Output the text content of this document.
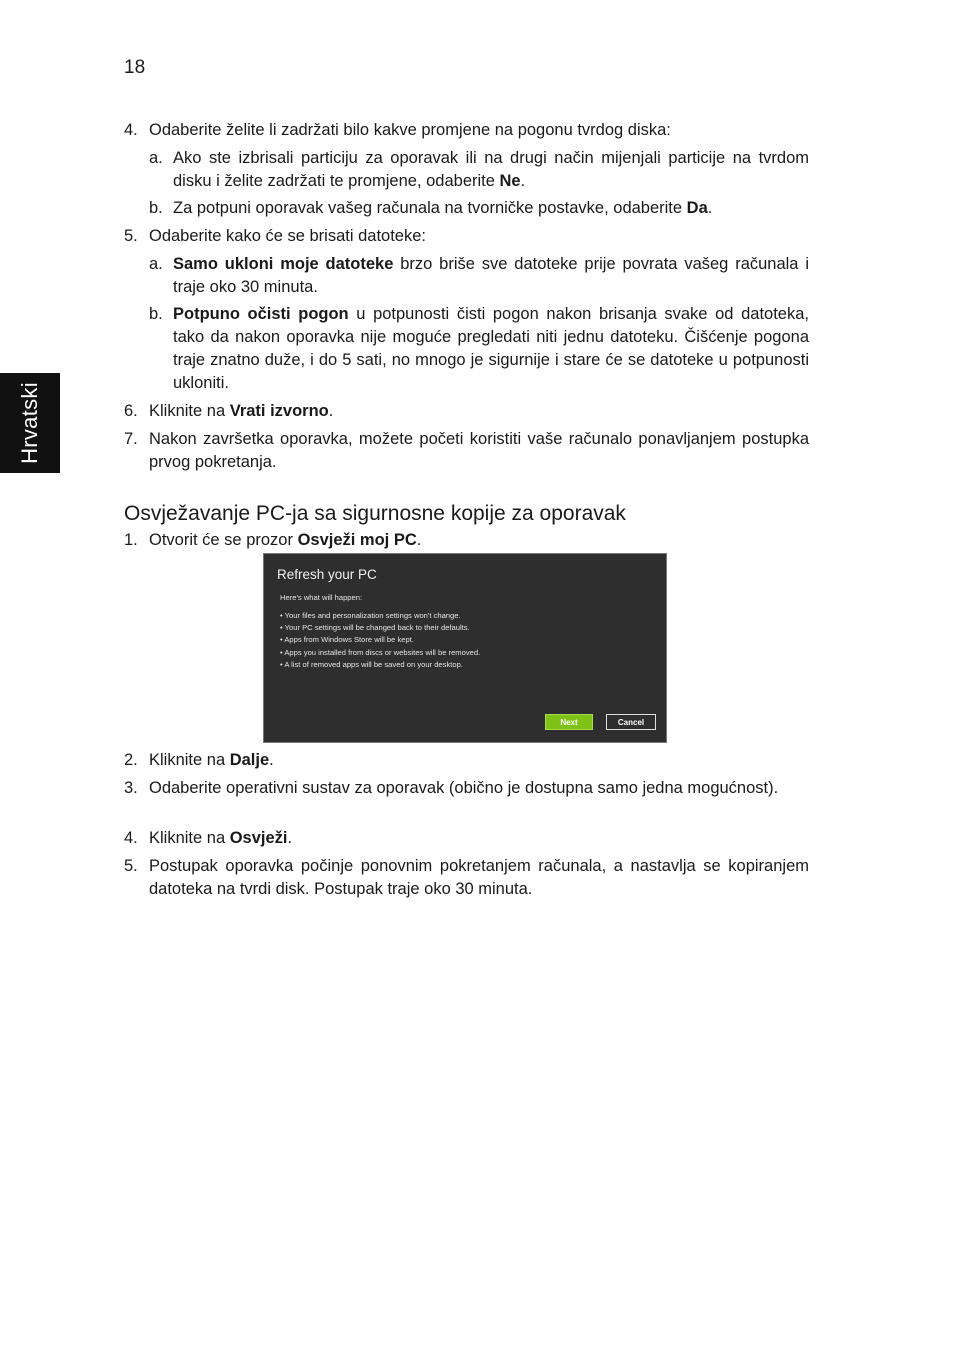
18
Hrvatski
4. Odaberite želite li zadržati bilo kakve promjene na pogonu tvrdog diska:
a. Ako ste izbrisali particiju za oporavak ili na drugi način mijenjali particije na tvrdom disku i želite zadržati te promjene, odaberite Ne.
b. Za potpuni oporavak vašeg računala na tvorničke postavke, odaberite Da.
5. Odaberite kako će se brisati datoteke:
a. Samo ukloni moje datoteke brzo briše sve datoteke prije povrata vašeg računala i traje oko 30 minuta.
b. Potpuno očisti pogon u potpunosti čisti pogon nakon brisanja svake od datoteka, tako da nakon oporavka nije moguće pregledati niti jednu datoteku. Čišćenje pogona traje znatno duže, i do 5 sati, no mnogo je sigurnije i stare će se datoteke u potpunosti ukloniti.
6. Kliknite na Vrati izvorno.
7. Nakon završetka oporavka, možete početi koristiti vaše računalo ponavljanjem postupka prvog pokretanja.
Osvježavanje PC-ja sa sigurnosne kopije za oporavak
1. Otvorit će se prozor Osvježi moj PC.
Refresh your PC
Here's what will happen:
• Your files and personalization settings won't change.
• Your PC settings will be changed back to their defaults.
• Apps from Windows Store will be kept.
• Apps you installed from discs or websites will be removed.
• A list of removed apps will be saved on your desktop.
Next	Cancel
2. Kliknite na Dalje.
3. Odaberite operativni sustav za oporavak (obično je dostupna samo jedna mogućnost).
4. Kliknite na Osvježi.
5. Postupak oporavka počinje ponovnim pokretanjem računala, a nastavlja se kopiranjem datoteka na tvrdi disk. Postupak traje oko 30 minuta.
